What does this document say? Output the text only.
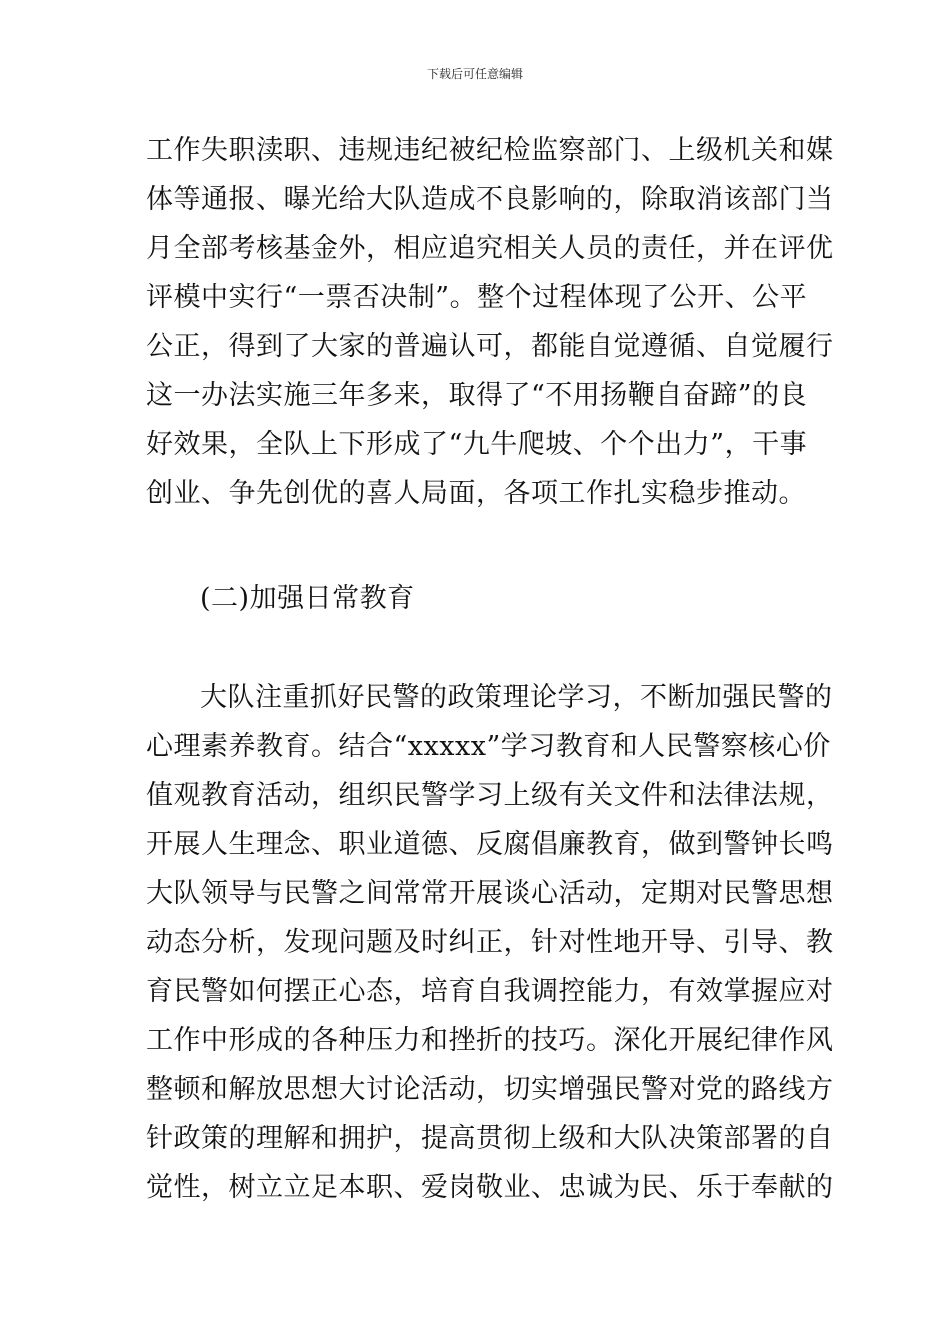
下载后可任意编辑
工作失职渎职、违规违纪被纪检监察部门、上级机关和媒
体等通报、曝光给大队造成不良影响的，除取消该部门当
月全部考核基金外，相应追究相关人员的责任，并在评优
评模中实行“一票否决制”。整个过程体现了公开、公平
公正，得到了大家的普遍认可，都能自觉遵循、自觉履行
这一办法实施三年多来，取得了“不用扬鞭自奋蹄”的良
好效果，全队上下形成了“九牛爬坡、个个出力”，干事
创业、争先创优的喜人局面，各项工作扎实稳步推动。
(二)加强日常教育
大队注重抓好民警的政策理论学习，不断加强民警的
心理素养教育。结合“xxxxx”学习教育和人民警察核心价
值观教育活动，组织民警学习上级有关文件和法律法规，
开展人生理念、职业道德、反腐倡廉教育，做到警钟长鸣
大队领导与民警之间常常开展谈心活动，定期对民警思想
动态分析，发现问题及时纠正，针对性地开导、引导、教
育民警如何摆正心态，培育自我调控能力，有效掌握应对
工作中形成的各种压力和挫折的技巧。深化开展纪律作风
整顿和解放思想大讨论活动，切实增强民警对党的路线方
针政策的理解和拥护，提高贯彻上级和大队决策部署的自
觉性，树立立足本职、爱岗敬业、忠诚为民、乐于奉献的
